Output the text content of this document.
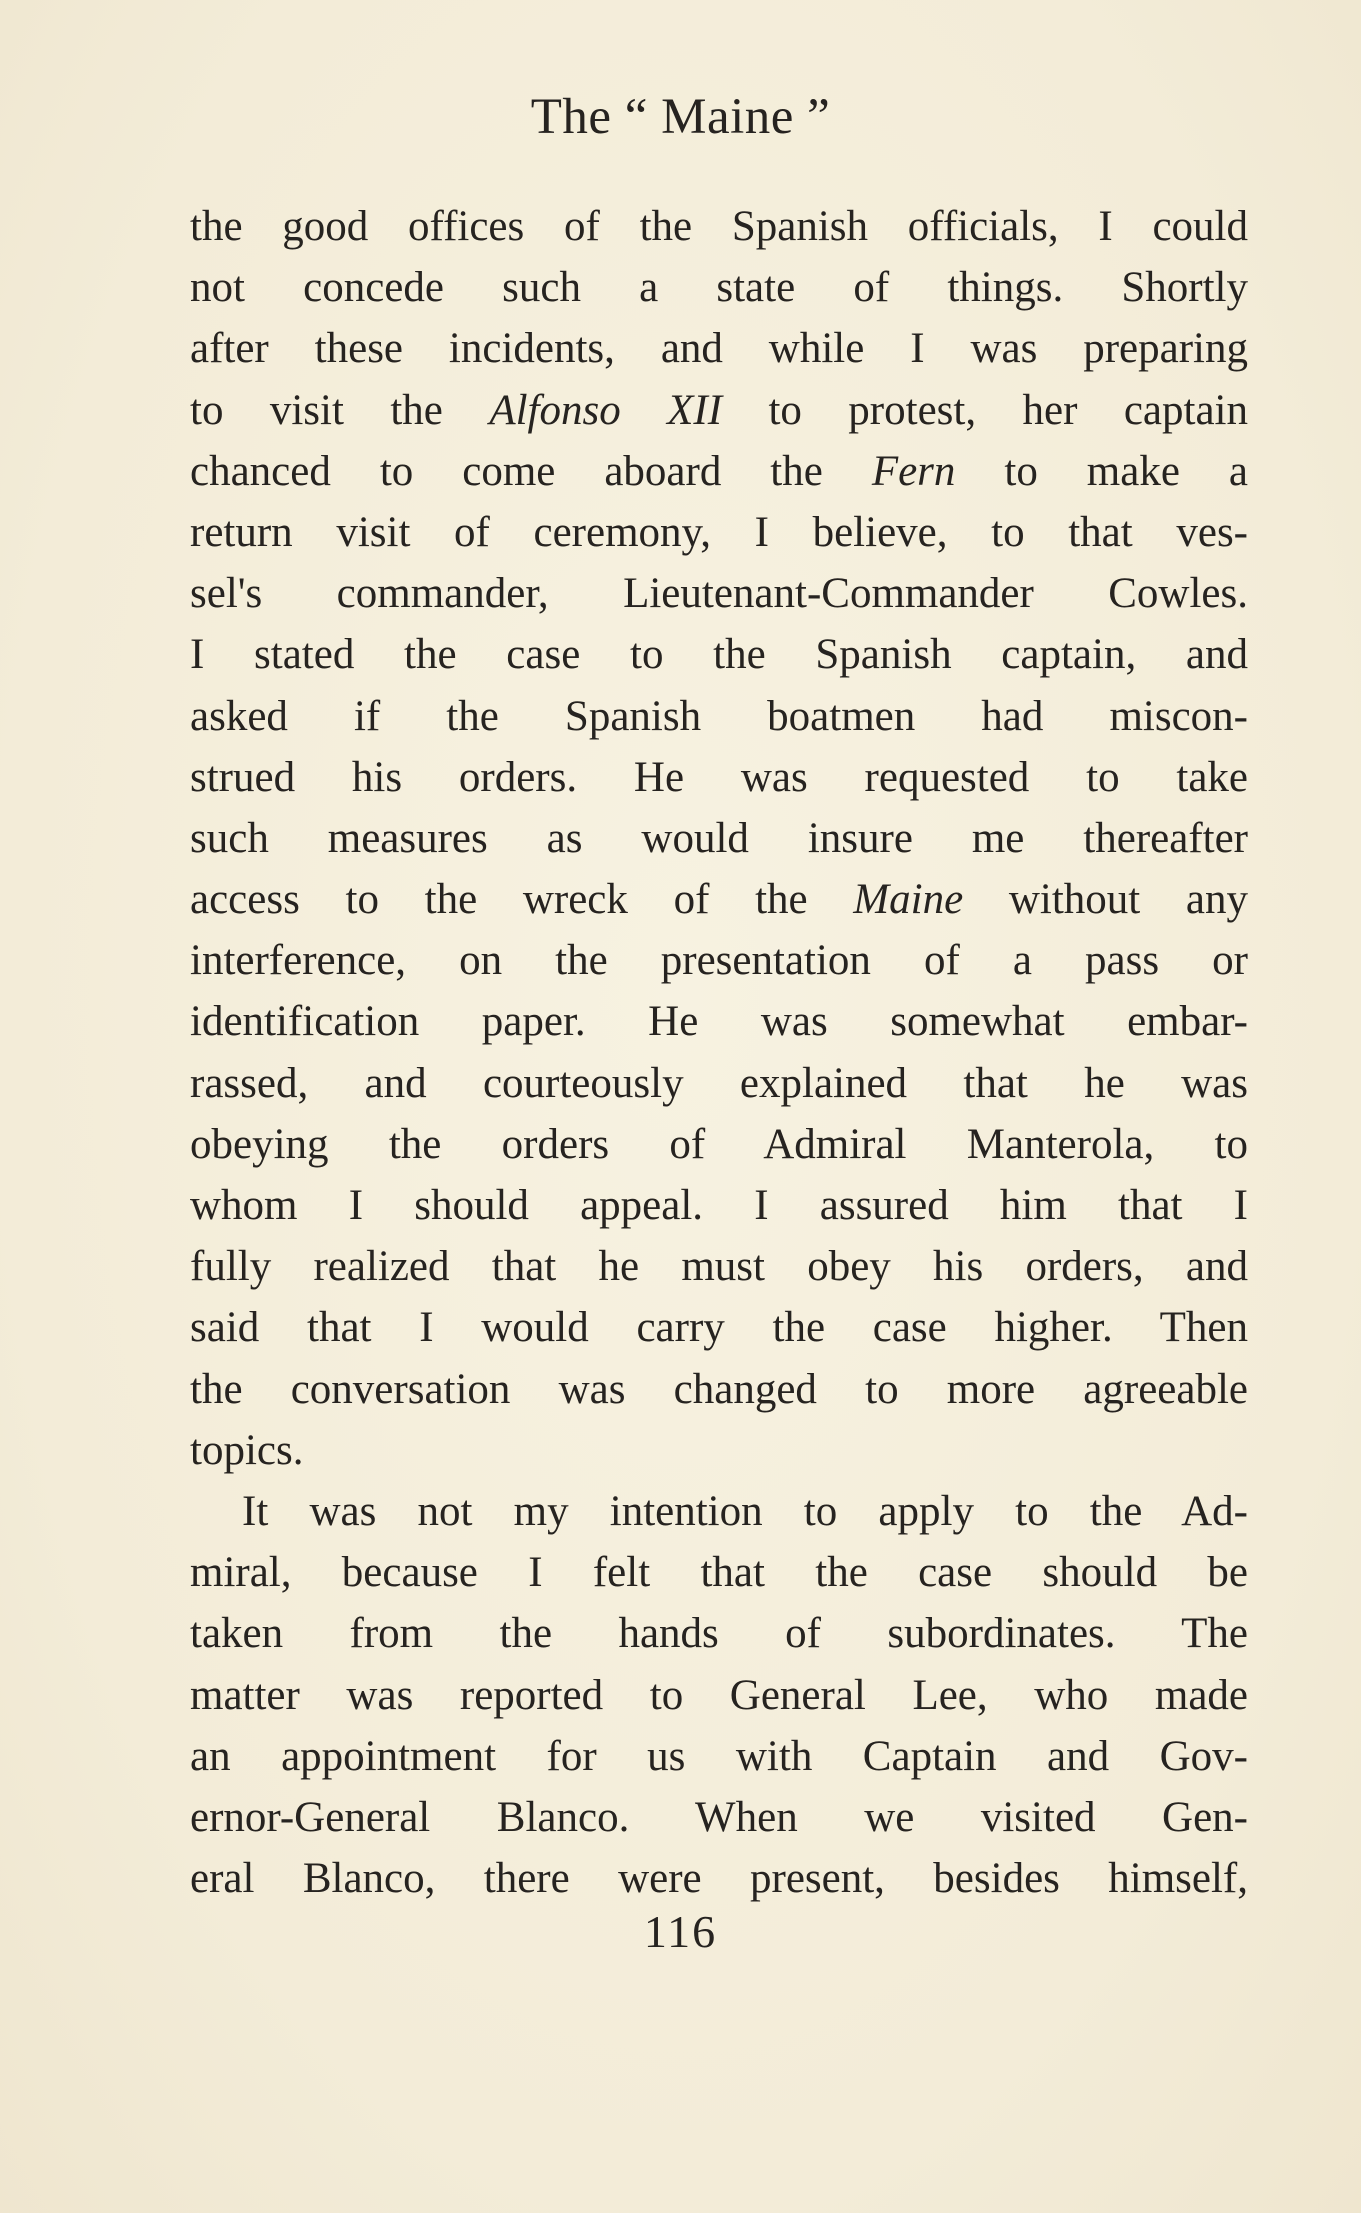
The “ Maine ”
the good offices of the Spanish officials, I could
not concede such a state of things. Shortly
after these incidents, and while I was preparing
to visit the Alfonso XII to protest, her captain
chanced to come aboard the Fern to make a
return visit of ceremony, I believe, to that ves-
sel's commander, Lieutenant-Commander Cowles.
I stated the case to the Spanish captain, and
asked if the Spanish boatmen had miscon-
strued his orders. He was requested to take
such measures as would insure me thereafter
access to the wreck of the Maine without any
interference, on the presentation of a pass or
identification paper. He was somewhat embar-
rassed, and courteously explained that he was
obeying the orders of Admiral Manterola, to
whom I should appeal. I assured him that I
fully realized that he must obey his orders, and
said that I would carry the case higher. Then
the conversation was changed to more agreeable
topics.
It was not my intention to apply to the Ad-
miral, because I felt that the case should be
taken from the hands of subordinates. The
matter was reported to General Lee, who made
an appointment for us with Captain and Gov-
ernor-General Blanco. When we visited Gen-
eral Blanco, there were present, besides himself,
116
